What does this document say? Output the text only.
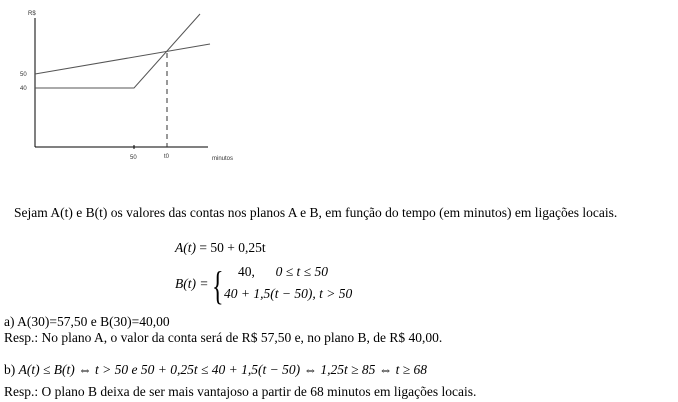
R$
50
40
50	t0	minutos
Sejam A(t) e B(t) os valores das contas nos planos A e B, em função do tempo (em minutos) em ligações locais.
A(t) = 50 + 0,25t
B(t) = { 40, 0 ≤ t ≤ 50
40 + 1,5(t − 50), t > 50
a) A(30)=57,50 e B(30)=40,00
Resp.: No plano A, o valor da conta será de R$ 57,50 e, no plano B, de R$ 40,00.
b) A(t) ≤ B(t) ⇔ t > 50 e 50 + 0,25t ≤ 40 + 1,5(t − 50) ⇔ 1,25t ≥ 85 ⇔ t ≥ 68
Resp.: O plano B deixa de ser mais vantajoso a partir de 68 minutos em ligações locais.
